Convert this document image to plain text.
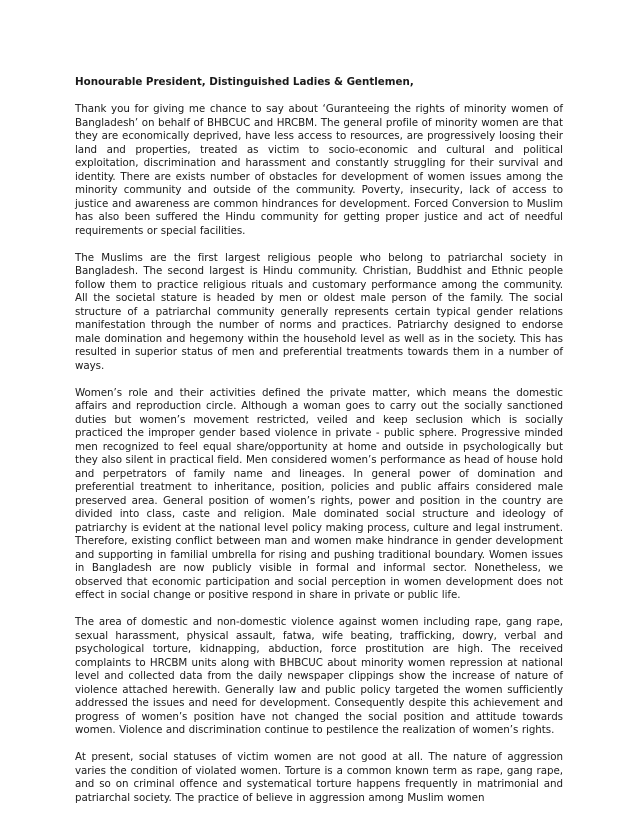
Honourable President, Distinguished Ladies & Gentlemen,

Thank you for giving me chance to say about ‘Guranteeing the rights of minority women of Bangladesh’ on behalf of BHBCUC and HRCBM. The general profile of minority women are that they are economically deprived, have less access to resources, are progressively loosing their land and properties, treated as victim to socio-economic and cultural and political exploitation, discrimination and harassment and constantly struggling for their survival and identity. There are exists number of obstacles for development of women issues among the minority community and outside of the community. Poverty, insecurity, lack of access to justice and awareness are common hindrances for development. Forced Conversion to Muslim has also been suffered the Hindu community for getting proper justice and act of needful requirements or special facilities.

The Muslims are the first largest religious people who belong to patriarchal society in Bangladesh. The second largest is Hindu community. Christian, Buddhist and Ethnic people follow them to practice religious rituals and customary performance among the community. All the societal stature is headed by men or oldest male person of the family. The social structure of a patriarchal community generally represents certain typical gender relations manifestation through the number of norms and practices. Patriarchy designed to endorse male domination and hegemony within the household level as well as in the society. This has resulted in superior status of men and preferential treatments towards them in a number of ways.

Women’s role and their activities defined the private matter, which means the domestic affairs and reproduction circle. Although a woman goes to carry out the socially sanctioned duties but women’s movement restricted, veiled and keep seclusion which is socially practiced the improper gender based violence in private - public sphere. Progressive minded men recognized to feel equal share/opportunity at home and outside in psychologically but they also silent in practical field. Men considered women’s performance as head of house hold and perpetrators of family name and lineages. In general power of domination and preferential treatment to inheritance, position, policies and public affairs considered male preserved area. General position of women’s rights, power and position in the country are divided into class, caste and religion. Male dominated social structure and ideology of patriarchy is evident at the national level policy making process, culture and legal instrument. Therefore, existing conflict between man and women make hindrance in gender development and supporting in familial umbrella for rising and pushing traditional boundary. Women issues in Bangladesh are now publicly visible in formal and informal sector. Nonetheless, we observed that economic participation and social perception in women development does not effect in social change or positive respond in share in private or public life.

The area of domestic and non-domestic violence against women including rape, gang rape, sexual harassment, physical assault, fatwa, wife beating, trafficking, dowry, verbal and psychological torture, kidnapping, abduction, force prostitution are high. The received complaints to HRCBM units along with BHBCUC about minority women repression at national level and collected data from the daily newspaper clippings show the increase of nature of violence attached herewith. Generally law and public policy targeted the women sufficiently addressed the issues and need for development. Consequently despite this achievement and progress of women’s position have not changed the social position and attitude towards women. Violence and discrimination continue to pestilence the realization of women’s rights.

At present, social statuses of victim women are not good at all. The nature of aggression varies the condition of violated women. Torture is a common known term as rape, gang rape, and so on criminal offence and systematical torture happens frequently in matrimonial and patriarchal society. The practice of believe in aggression among Muslim women
